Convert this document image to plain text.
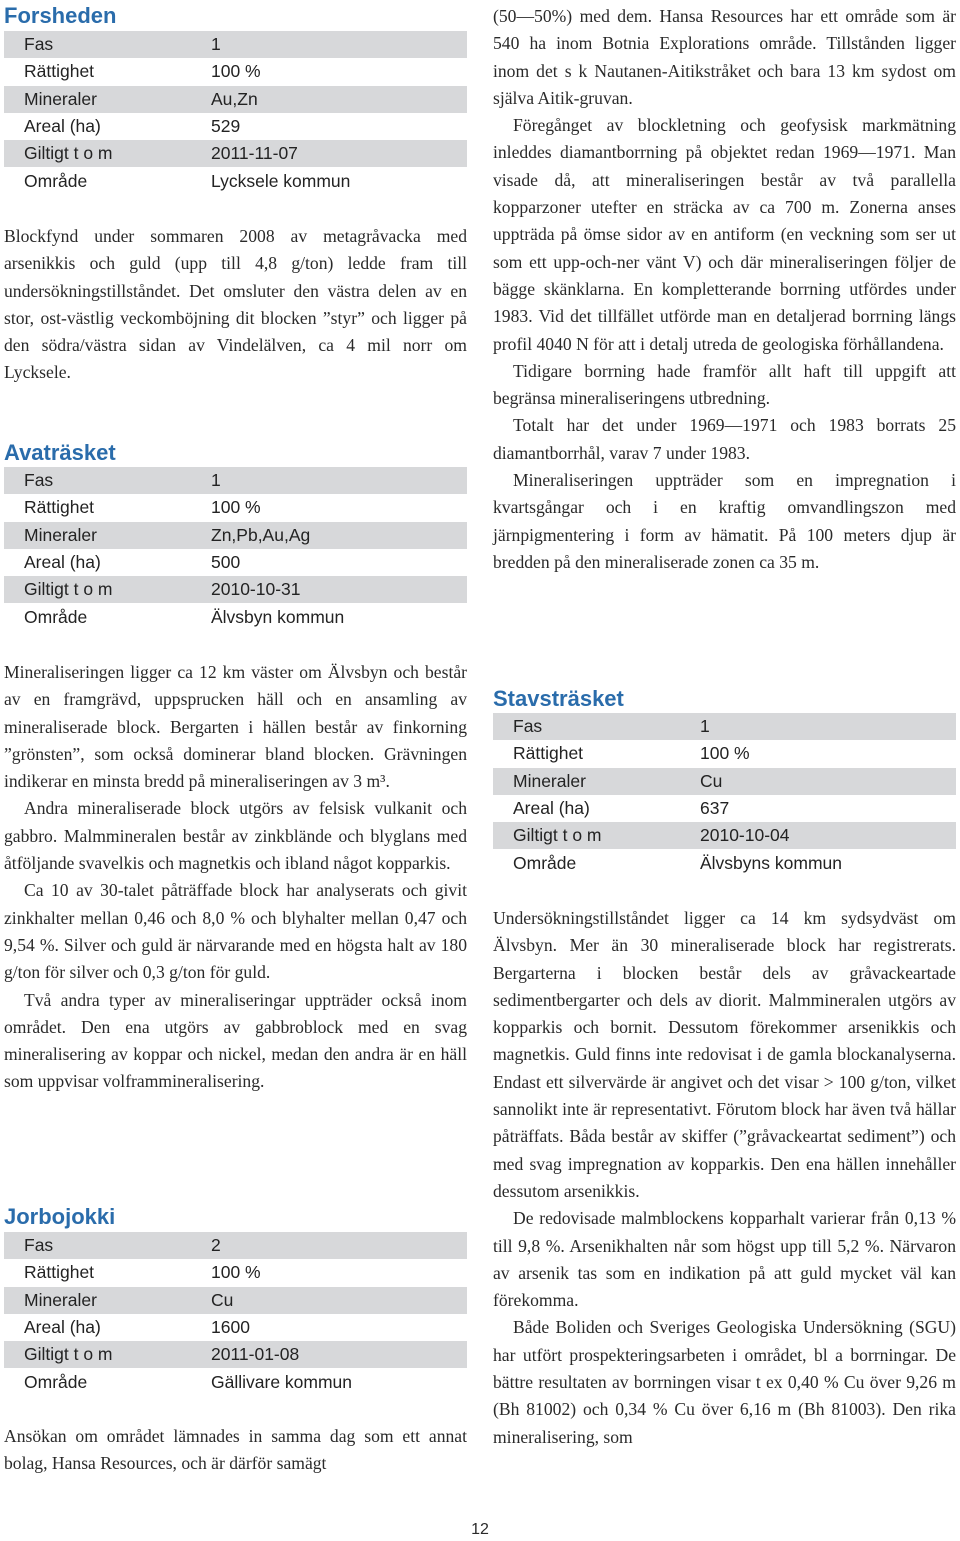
Forsheden
Fas	1
Rättighet	100 %
Mineraler	Au,Zn
Areal (ha)	529
Giltigt t o m	2011-11-07
Område	Lycksele kommun

Blockfynd under sommaren 2008 av metagråvacka med arsenikkis och guld (upp till 4,8 g/ton) ledde fram till undersökningstillståndet. Det omsluter den västra delen av en stor, ost-västlig veckomböjning dit blocken ”styr” och ligger på den södra/västra sidan av Vindelälven, ca 4 mil norr om Lycksele.

Avaträsket
Fas	1
Rättighet	100 %
Mineraler	Zn,Pb,Au,Ag
Areal (ha)	500
Giltigt t o m	2010-10-31
Område	Älvsbyn kommun

Mineraliseringen ligger ca 12 km väster om Älvsbyn och består av en framgrävd, uppsprucken häll och en ansamling av mineraliserade block. Bergarten i hällen består av finkorning ”grönsten”, som också dominerar bland blocken. Grävningen indikerar en minsta bredd på mineraliseringen av 3 m³.

Andra mineraliserade block utgörs av felsisk vulkanit och gabbro. Malmmineralen består av zinkblände och blyglans med åtföljande svavelkis och magnetkis och ibland något kopparkis.

Ca 10 av 30-talet påträffade block har analyserats och givit zinkhalter mellan 0,46 och 8,0 % och blyhalter mellan 0,47 och 9,54 %. Silver och guld är närvarande med en högsta halt av 180 g/ton för silver och 0,3 g/ton för guld.

Två andra typer av mineraliseringar uppträder också inom området. Den ena utgörs av gabbroblock med en svag mineralisering av koppar och nickel, medan den andra är en häll som uppvisar volframmineralisering.

Jorbojokki
Fas	2
Rättighet	100 %
Mineraler	Cu
Areal (ha)	1600
Giltigt t o m	2011-01-08
Område	Gällivare kommun

Ansökan om området lämnades in samma dag som ett annat bolag, Hansa Resources, och är därför samägt

(50—50%) med dem. Hansa Resources har ett område som är 540 ha inom Botnia Explorations område. Tillstånden ligger inom det s k Nautanen-Aitikstråket och bara 13 km sydost om själva Aitik-gruvan.

Föregånget av blockletning och geofysisk markmätning inleddes diamantborrning på objektet redan 1969—1971. Man visade då, att mineraliseringen består av två parallella kopparzoner utefter en sträcka av ca 700 m. Zonerna anses uppträda på ömse sidor av en antiform (en veckning som ser ut som ett upp-och-ner vänt V) och där mineraliseringen följer de bägge skänklarna. En kompletterande borrning utfördes under 1983. Vid det tillfället utförde man en detaljerad borrning längs profil 4040 N för att i detalj utreda de geologiska förhållandena.

Tidigare borrning hade framför allt haft till uppgift att begränsa mineraliseringens utbredning.

Totalt har det under 1969—1971 och 1983 borrats 25 diamantborrhål, varav 7 under 1983.

Mineraliseringen uppträder som en impregnation i kvartsgångar och i en kraftig omvandlingszon med järnpigmentering i form av hämatit. På 100 meters djup är bredden på den mineraliserade zonen ca 35 m.

Stavsträsket
Fas	1
Rättighet	100 %
Mineraler	Cu
Areal (ha)	637
Giltigt t o m	2010-10-04
Område	Älvsbyns kommun

Undersökningstillståndet ligger ca 14 km sydsydväst om Älvsbyn. Mer än 30 mineraliserade block har registrerats. Bergarterna i blocken består dels av gråvackeartade sedimentbergarter och dels av diorit. Malmmineralen utgörs av kopparkis och bornit. Dessutom förekommer arsenikkis och magnetkis. Guld finns inte redovisat i de gamla blockanalyserna. Endast ett silvervärde är angivet och det visar > 100 g/ton, vilket sannolikt inte är representativt. Förutom block har även två hällar påträffats. Båda består av skiffer (”gråvackeartat sediment”) och med svag impregnation av kopparkis. Den ena hällen innehåller dessutom arsenikkis.

De redovisade malmblockens kopparhalt varierar från 0,13 % till 9,8 %. Arsenikhalten når som högst upp till 5,2 %. Närvaron av arsenik tas som en indikation på att guld mycket väl kan förekomma.

Både Boliden och Sveriges Geologiska Undersökning (SGU) har utfört prospekteringsarbeten i området, bl a borrningar. De bättre resultaten av borrningen visar t ex 0,40 % Cu över 9,26 m (Bh 81002) och 0,34 % Cu över 6,16 m (Bh 81003). Den rika mineralisering, som

12
